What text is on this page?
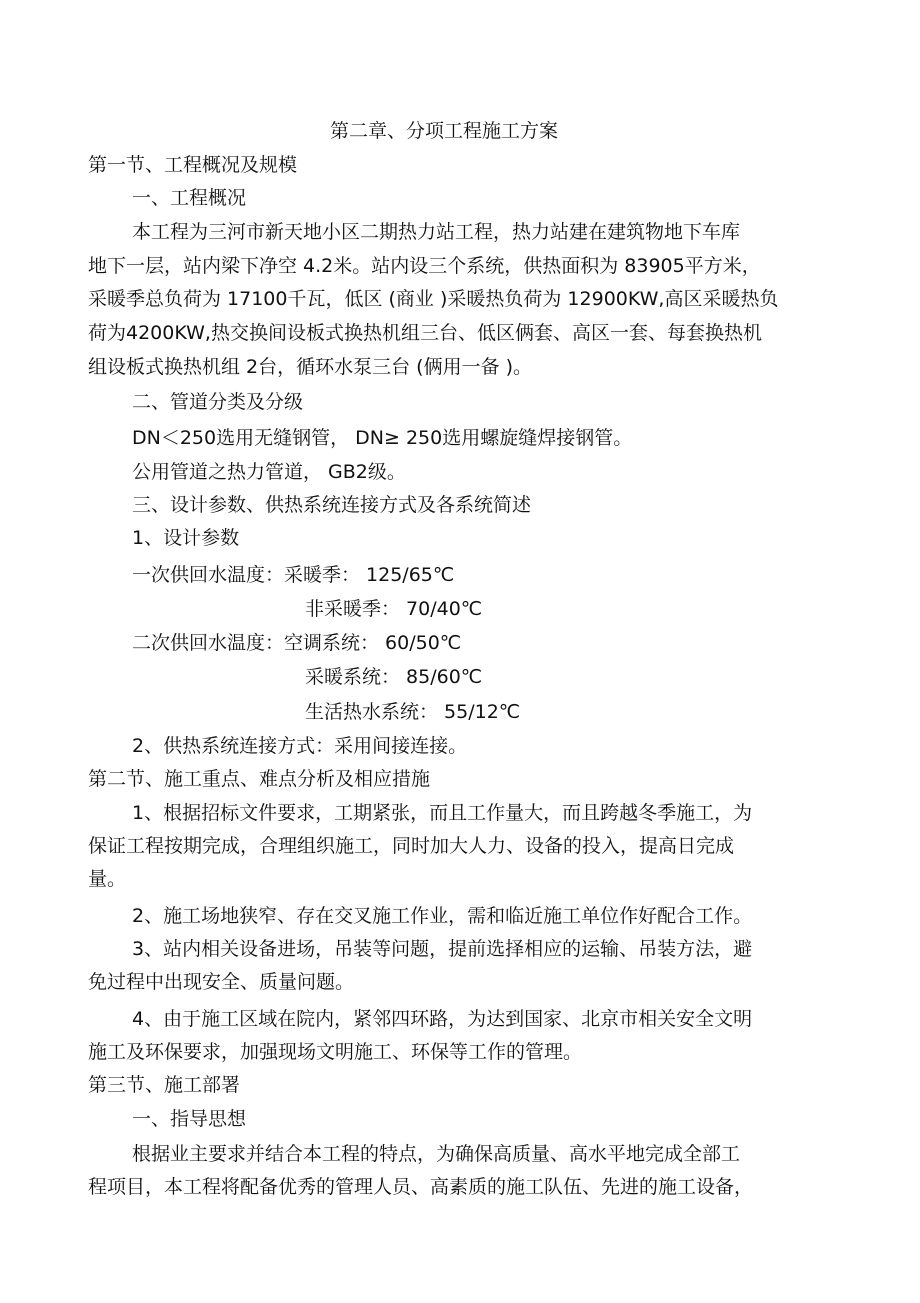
第二章、分项工程施工方案
第一节、工程概况及规模
一、工程概况
本工程为三河市新天地小区二期热力站工程，热力站建在建筑物地下车库
地下一层，站内梁下净空 4.2米。站内设三个系统，供热面积为 83905平方米，
采暖季总负荷为 17100千瓦，低区 (商业 )采暖热负荷为 12900KW,高区采暖热负
荷为4200KW,热交换间设板式换热机组三台、低区俩套、高区一套、每套换热机
组设板式换热机组 2台，循环水泵三台 (俩用一备 )。
二、管道分类及分级
DN＜250选用无缝钢管， DN≥ 250选用螺旋缝焊接钢管。
公用管道之热力管道， GB2级。
三、设计参数、供热系统连接方式及各系统简述
1、设计参数
一次供回水温度：采暖季： 125/65℃
非采暖季： 70/40℃
二次供回水温度：空调系统： 60/50℃
采暖系统： 85/60℃
生活热水系统： 55/12℃
2、供热系统连接方式：采用间接连接。
第二节、施工重点、难点分析及相应措施
1、根据招标文件要求，工期紧张，而且工作量大，而且跨越冬季施工，为
保证工程按期完成，合理组织施工，同时加大人力、设备的投入，提高日完成
量。
2、施工场地狭窄、存在交叉施工作业，需和临近施工单位作好配合工作。
3、站内相关设备进场，吊装等问题，提前选择相应的运输、吊装方法，避
免过程中出现安全、质量问题。
4、由于施工区域在院内，紧邻四环路，为达到国家、北京市相关安全文明
施工及环保要求，加强现场文明施工、环保等工作的管理。
第三节、施工部署
一、指导思想
根据业主要求并结合本工程的特点，为确保高质量、高水平地完成全部工
程项目，本工程将配备优秀的管理人员、高素质的施工队伍、先进的施工设备，
